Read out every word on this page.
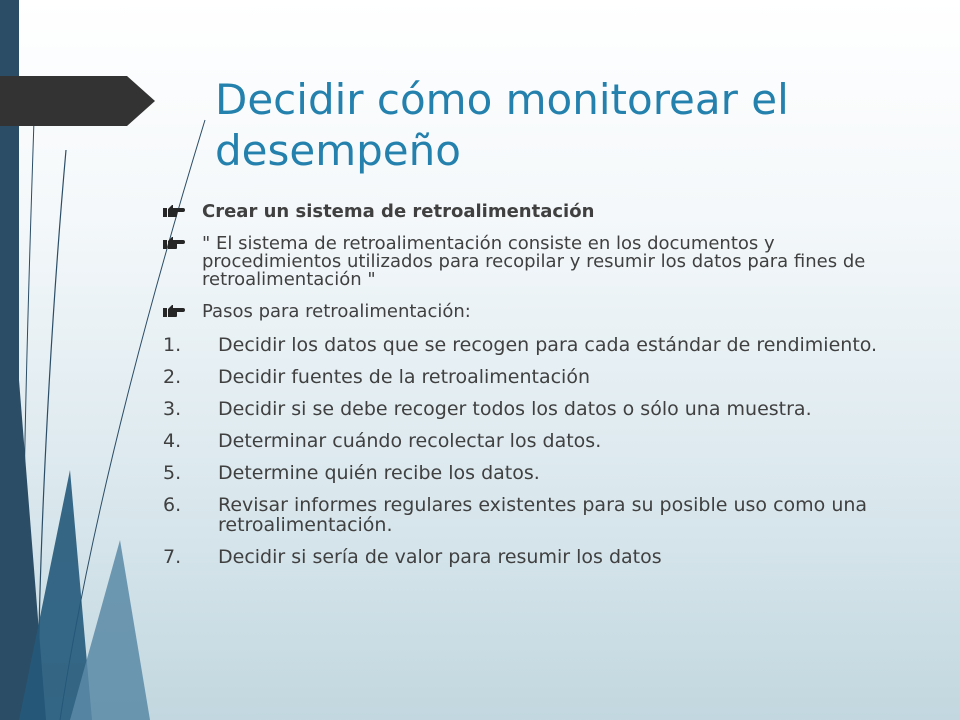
Decidir cómo monitorear el desempeño
Crear un sistema de retroalimentación
" El sistema de retroalimentación consiste en los documentos y procedimientos utilizados para recopilar y resumir los datos para fines de retroalimentación "
Pasos para retroalimentación:
1. Decidir los datos que se recogen para cada estándar de rendimiento.
2. Decidir fuentes de la retroalimentación
3. Decidir si se debe recoger todos los datos o sólo una muestra.
4. Determinar cuándo recolectar los datos.
5. Determine quién recibe los datos.
6. Revisar informes regulares existentes para su posible uso como una retroalimentación.
7. Decidir si sería de valor para resumir los datos
